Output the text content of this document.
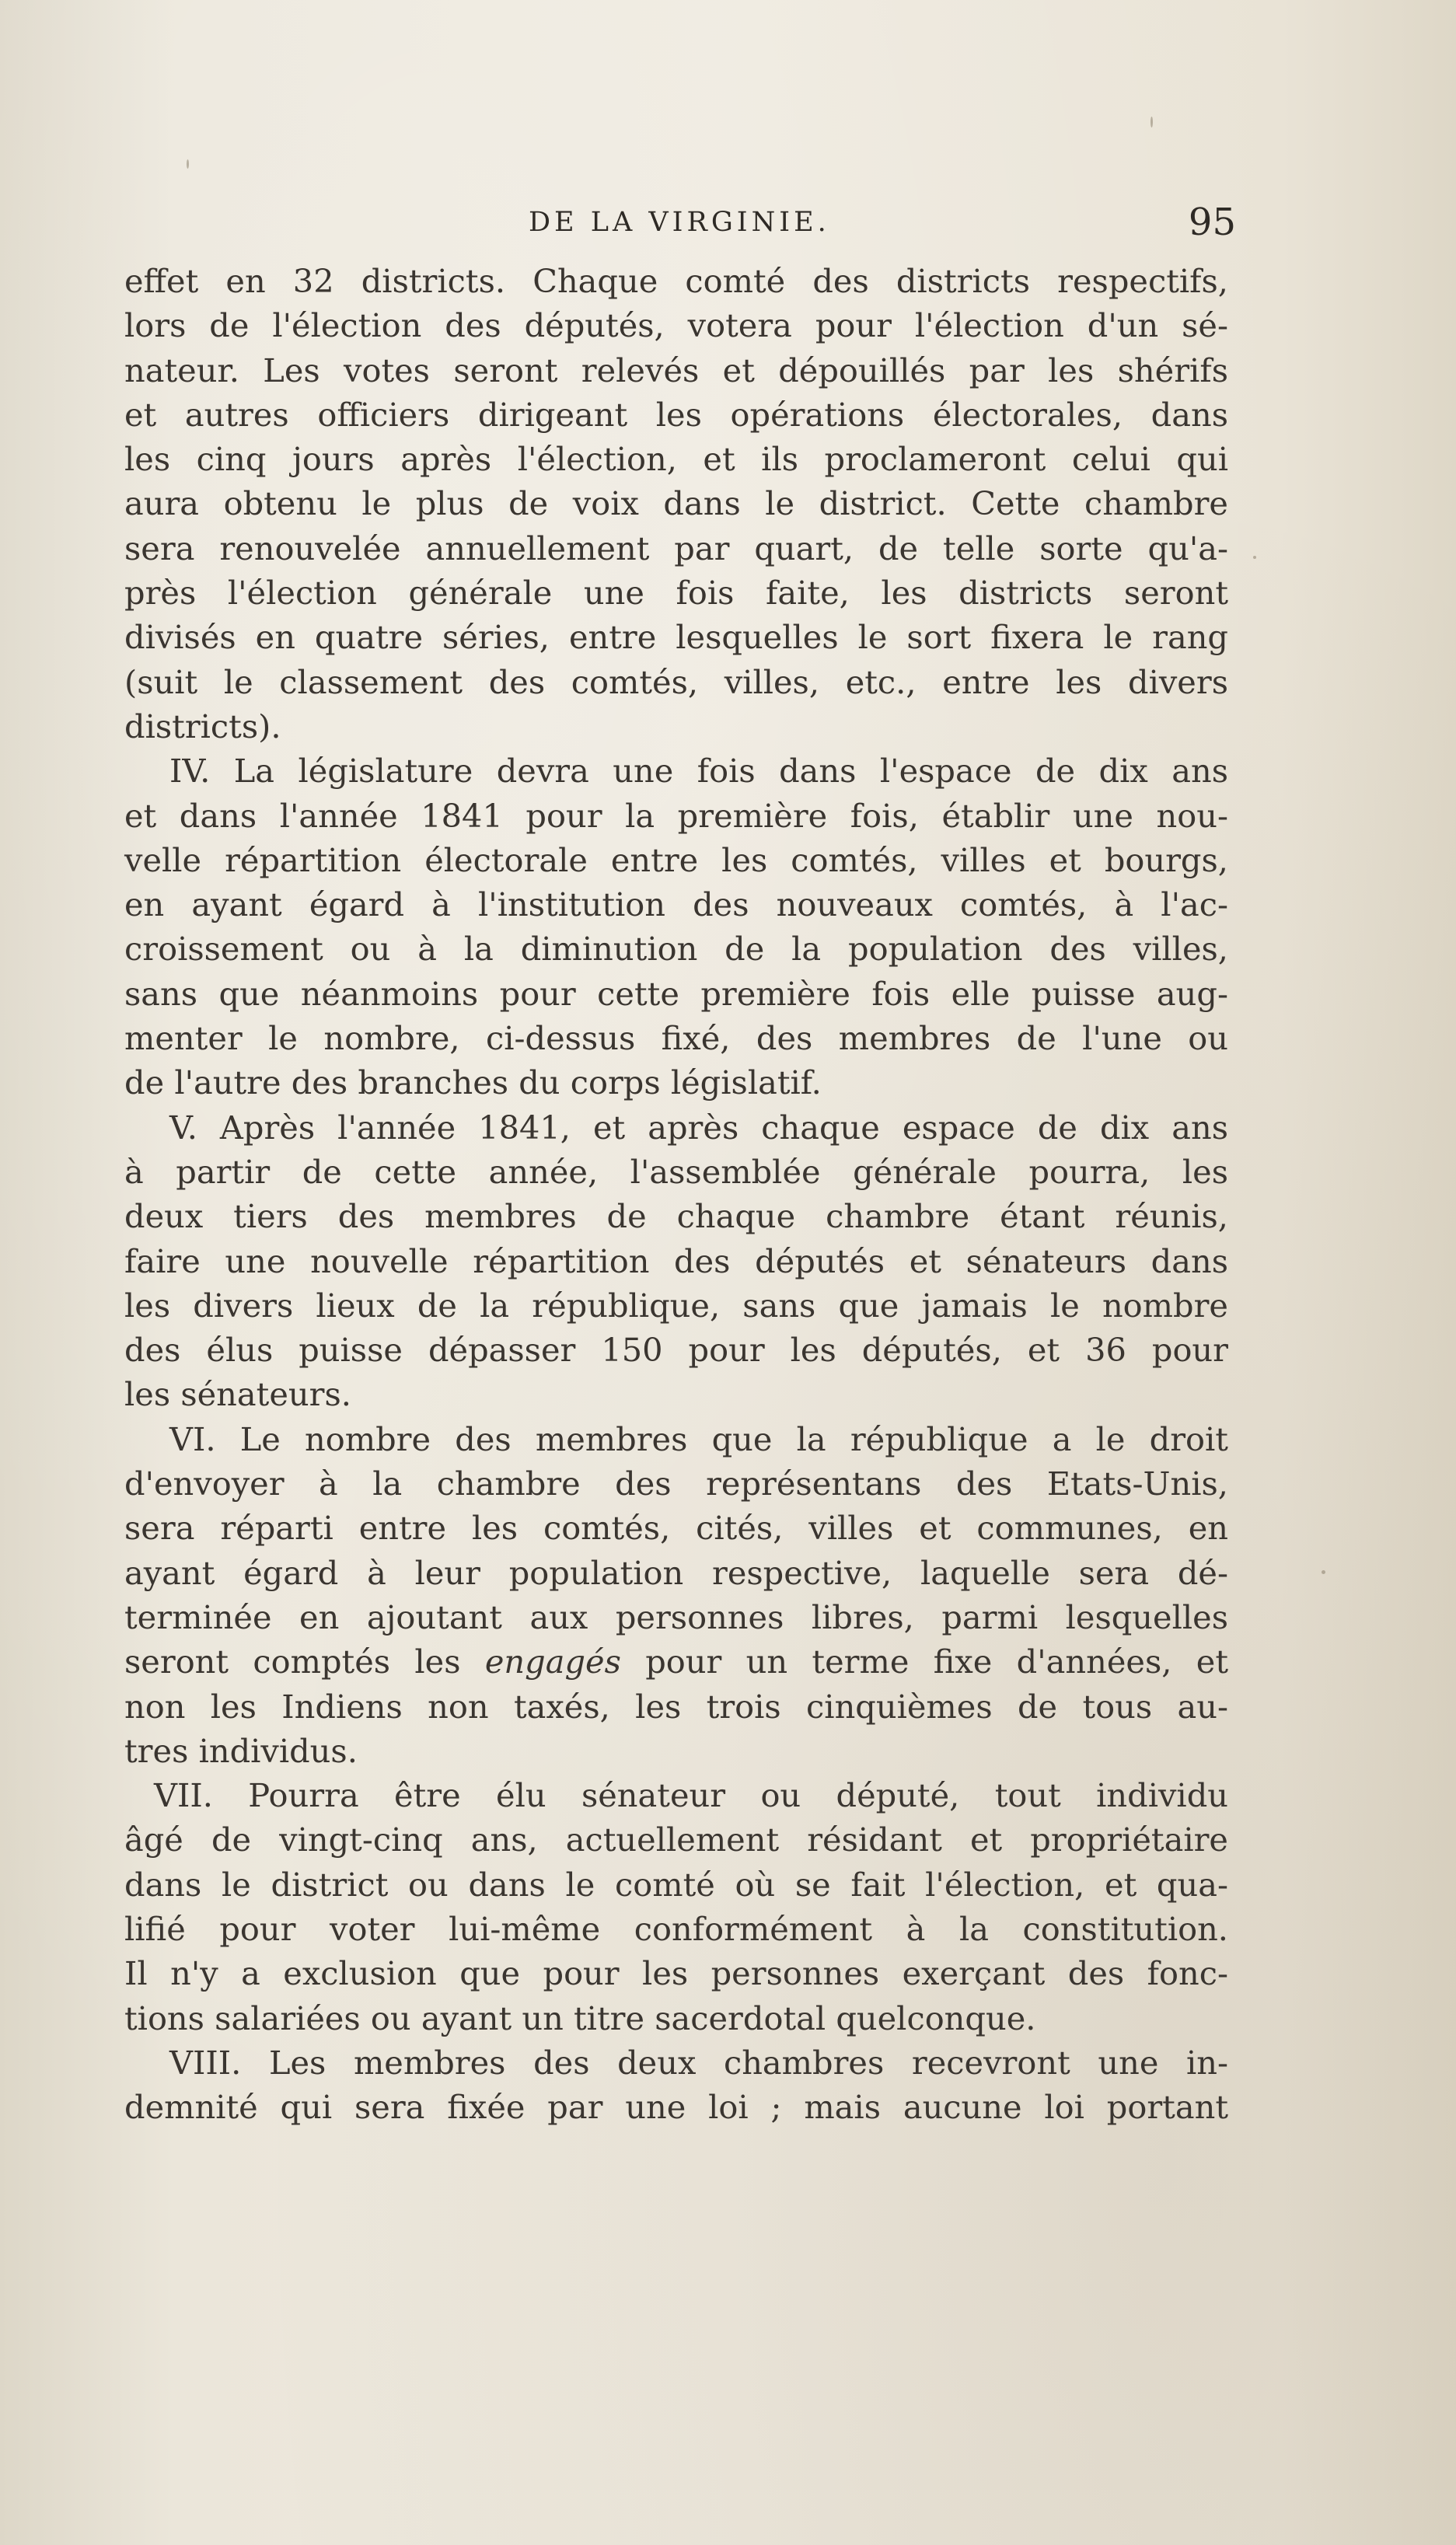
DE LA VIRGINIE.	95
effet en 32 districts. Chaque comté des districts respectifs,
lors de l'élection des députés, votera pour l'élection d'un sé-
nateur. Les votes seront relevés et dépouillés par les shérifs
et autres officiers dirigeant les opérations électorales, dans
les cinq jours après l'élection, et ils proclameront celui qui
aura obtenu le plus de voix dans le district. Cette chambre
sera renouvelée annuellement par quart, de telle sorte qu'a-
près l'élection générale une fois faite, les districts seront
divisés en quatre séries, entre lesquelles le sort fixera le rang
(suit le classement des comtés, villes, etc., entre les divers
districts).
IV. La législature devra une fois dans l'espace de dix ans
et dans l'année 1841 pour la première fois, établir une nou-
velle répartition électorale entre les comtés, villes et bourgs,
en ayant égard à l'institution des nouveaux comtés, à l'ac-
croissement ou à la diminution de la population des villes,
sans que néanmoins pour cette première fois elle puisse aug-
menter le nombre, ci-dessus fixé, des membres de l'une ou
de l'autre des branches du corps législatif.
V. Après l'année 1841, et après chaque espace de dix ans
à partir de cette année, l'assemblée générale pourra, les
deux tiers des membres de chaque chambre étant réunis,
faire une nouvelle répartition des députés et sénateurs dans
les divers lieux de la république, sans que jamais le nombre
des élus puisse dépasser 150 pour les députés, et 36 pour
les sénateurs.
VI. Le nombre des membres que la république a le droit
d'envoyer à la chambre des représentans des Etats-Unis,
sera réparti entre les comtés, cités, villes et communes, en
ayant égard à leur population respective, laquelle sera dé-
terminée en ajoutant aux personnes libres, parmi lesquelles
seront comptés les engagés pour un terme fixe d'années, et
non les Indiens non taxés, les trois cinquièmes de tous au-
tres individus.
VII. Pourra être élu sénateur ou député, tout individu
âgé de vingt-cinq ans, actuellement résidant et propriétaire
dans le district ou dans le comté où se fait l'élection, et qua-
lifié pour voter lui-même conformément à la constitution.
Il n'y a exclusion que pour les personnes exerçant des fonc-
tions salariées ou ayant un titre sacerdotal quelconque.
VIII. Les membres des deux chambres recevront une in-
demnité qui sera fixée par une loi ; mais aucune loi portant
